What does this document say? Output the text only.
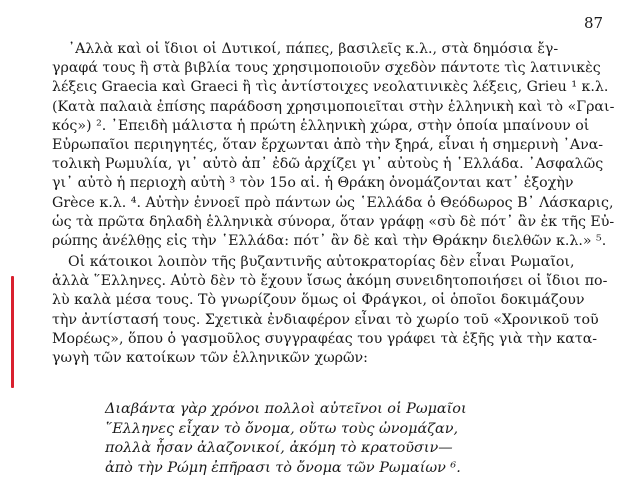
87
᾿Αλλὰ καὶ οἱ ἴδιοι οἱ Δυτικοί, πάπες, βασιλεῖς κ.λ., στὰ δημόσια ἔγ-
γραφά τους ἢ στὰ βιβλία τους χρησιμοποιοῦν σχεδὸν πάντοτε τὶς λατινικὲς
λέξεις Graecia καὶ Graeci ἢ τὶς ἀντίστοιχες νεολατινικὲς λέξεις, Grieu ¹ κ.λ.
(Κατὰ παλαιὰ ἐπίσης παράδοση χρησιμοποιεῖται στὴν ἑλληνικὴ καὶ τὸ «Γραι-
κός») ². ᾿Επειδὴ μάλιστα ἡ πρώτη ἑλληνικὴ χώρα, στὴν ὁποία μπαίνουν οἱ
Εὐρωπαῖοι περιηγητές, ὅταν ἔρχωνται ἀπὸ τὴν ξηρά, εἶναι ἡ σημερινὴ ᾿Ανα-
τολικὴ Ρωμυλία, γι᾿ αὐτὸ ἀπ᾿ ἐδῶ ἀρχίζει γι᾿ αὐτοὺς ἡ ῾Ελλάδα. ᾿Ασφαλῶς
γι᾿ αὐτὸ ἡ περιοχὴ αὐτὴ ³ τὸν 15ο αἰ. ἡ Θράκη ὀνομάζονται κατ᾿ ἐξοχὴν
Grèce κ.λ. ⁴. Αὐτὴν ἐννοεῖ πρὸ πάντων ὡς ῾Ελλάδα ὁ Θεόδωρος Β᾿ Λάσκαρις,
ὡς τὰ πρῶτα δηλαδὴ ἑλληνικὰ σύνορα, ὅταν γράφῃ «σὺ δὲ πότ᾿ ἂν ἐκ τῆς Εὐ-
ρώπης ἀνέλθῃς εἰς τὴν ῾Ελλάδα: πότ᾿ ἂν δὲ καὶ τὴν Θράκην διελθῶν κ.λ.» ⁵.
Οἱ κάτοικοι λοιπὸν τῆς βυζαντινῆς αὐτοκρατορίας δὲν εἶναι Ρωμαῖοι,
ἀλλὰ ῞Ελληνες. Αὐτὸ δὲν τὸ ἔχουν ἴσως ἀκόμη συνειδητοποιήσει οἱ ἴδιοι πο-
λὺ καλὰ μέσα τους. Τὸ γνωρίζουν ὅμως οἱ Φράγκοι, οἱ ὁποῖοι δοκιμάζουν
τὴν ἀντίστασή τους. Σχετικὰ ἐνδιαφέρον εἶναι τὸ χωρίο τοῦ «Χρονικοῦ τοῦ
Μορέως», ὅπου ὁ γασμοῦλος συγγραφέας του γράφει τὰ ἑξῆς γιὰ τὴν κατα-
γωγὴ τῶν κατοίκων τῶν ἑλληνικῶν χωρῶν:
Διαβάντα γὰρ χρόνοι πολλοὶ αὐτεῖνοι οἱ Ρωμαῖοι
῞Ελληνες εἶχαν τὸ ὄνομα, οὕτω τοὺς ὠνομάζαν,
πολλὰ ἦσαν ἀλαζονικοί, ἀκόμη τὸ κρατοῦσιν—
ἀπὸ τὴν Ρώμη ἐπῆρασι τὸ ὄνομα τῶν Ρωμαίων ⁶.
